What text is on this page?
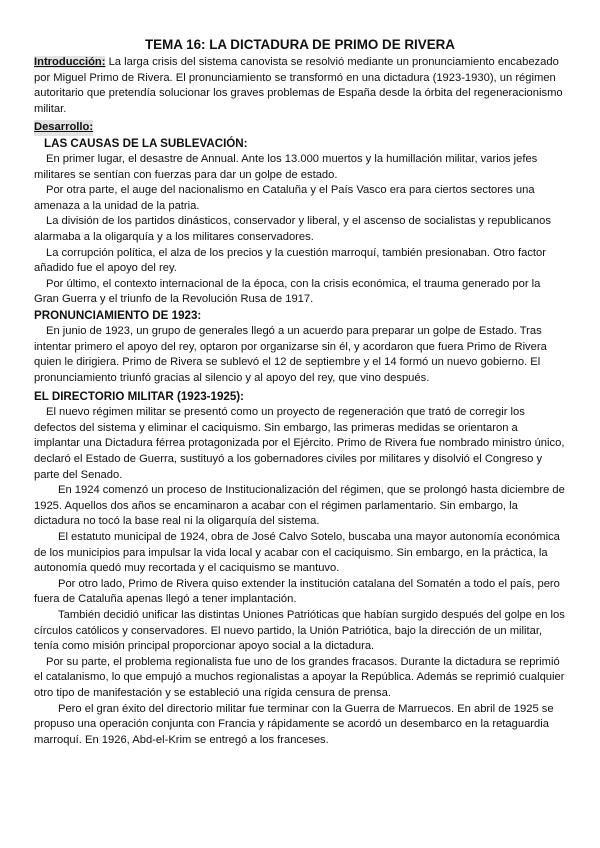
TEMA 16: LA DICTADURA DE PRIMO DE RIVERA

Introducción: La larga crisis del sistema canovista se resolvió mediante un pronunciamiento encabezado por Miguel Primo de Rivera. El pronunciamiento se transformó en una dictadura (1923-1930), un régimen autoritario que pretendía solucionar los graves problemas de España desde la órbita del regeneracionismo militar.

Desarrollo:
LAS CAUSAS DE LA SUBLEVACIÓN:

En primer lugar, el desastre de Annual. Ante los 13.000 muertos y la humillación militar, varios jefes militares se sentían con fuerzas para dar un golpe de estado.

Por otra parte, el auge del nacionalismo en Cataluña y el País Vasco era para ciertos sectores una amenaza a la unidad de la patria.

La división de los partidos dinásticos, conservador y liberal, y el ascenso de socialistas y republicanos alarmaba a la oligarquía y a los militares conservadores.

La corrupción política, el alza de los precios y la cuestión marroquí, también presionaban. Otro factor añadido fue el apoyo del rey.

Por último, el contexto internacional de la época, con la crisis económica, el trauma generado por la Gran Guerra y el triunfo de la Revolución Rusa de 1917.

PRONUNCIAMIENTO DE 1923:

En junio de 1923, un grupo de generales llegó a un acuerdo para preparar un golpe de Estado. Tras intentar primero el apoyo del rey, optaron por organizarse sin él, y acordaron que fuera Primo de Rivera quien le dirigiera. Primo de Rivera se sublevó el 12 de septiembre y el 14 formó un nuevo gobierno. El pronunciamiento triunfó gracias al silencio y al apoyo del rey, que vino después.

EL DIRECTORIO MILITAR (1923-1925):

El nuevo régimen militar se presentó como un proyecto de regeneración que trató de corregir los defectos del sistema y eliminar el caciquismo. Sin embargo, las primeras medidas se orientaron a implantar una Dictadura férrea protagonizada por el Ejército. Primo de Rivera fue nombrado ministro único, declaró el Estado de Guerra, sustituyó a los gobernadores civiles por militares y disolvió el Congreso y parte del Senado.

En 1924 comenzó un proceso de Institucionalización del régimen, que se prolongó hasta diciembre de 1925. Aquellos dos años se encaminaron a acabar con el régimen parlamentario. Sin embargo, la dictadura no tocó la base real ni la oligarquía del sistema.

El estatuto municipal de 1924, obra de José Calvo Sotelo, buscaba una mayor autonomía económica de los municipios para impulsar la vida local y acabar con el caciquismo. Sin embargo, en la práctica, la autonomía quedó muy recortada y el caciquismo se mantuvo.

Por otro lado, Primo de Rivera quiso extender la institución catalana del Somatén a todo el país, pero fuera de Cataluña apenas llegó a tener implantación.

También decidió unificar las distintas Uniones Patrióticas que habían surgido después del golpe en los círculos católicos y conservadores. El nuevo partido, la Unión Patriótica, bajo la dirección de un militar, tenía como misión principal proporcionar apoyo social a la dictadura.

Por su parte, el problema regionalista fue uno de los grandes fracasos. Durante la dictadura se reprimió el catalanismo, lo que empujó a muchos regionalistas a apoyar la República. Además se reprimió cualquier otro tipo de manifestación y se estableció una rígida censura de prensa.

Pero el gran éxito del directorio militar fue terminar con la Guerra de Marruecos. En abril de 1925 se propuso una operación conjunta con Francia y rápidamente se acordó un desembarco en la retaguardia marroquí. En 1926, Abd-el-Krim se entregó a los franceses.
